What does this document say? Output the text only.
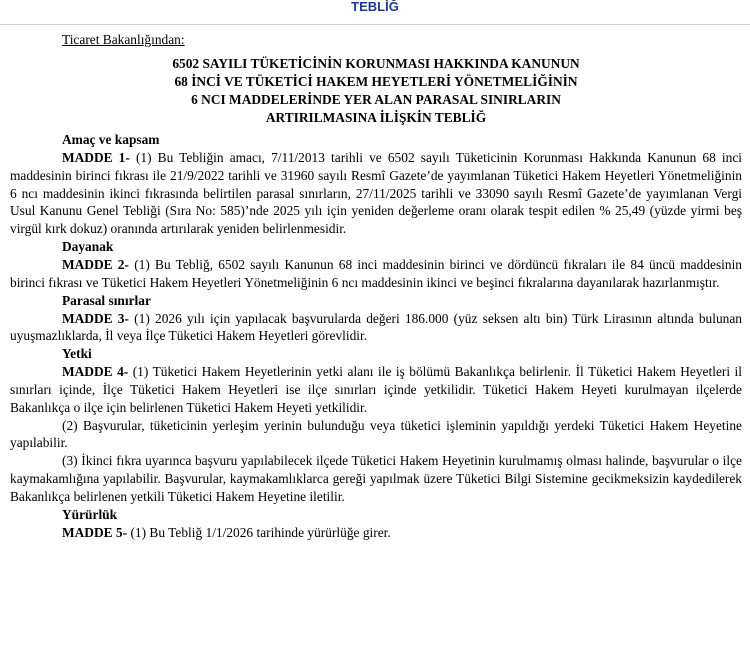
TEBLİĞ
Ticaret Bakanlığından:
6502 SAYILI TÜKETİCİNİN KORUNMASI HAKKINDA KANUNUN
68 İNCİ VE TÜKETİCİ HAKEM HEYETLERİ YÖNETMELİĞİNİN
6 NCI MADDELERİNDE YER ALAN PARASAL SINIRLARIN
ARTIRILMASINA İLİŞKİN TEBLİĞ
Amaç ve kapsam

MADDE 1- (1) Bu Tebliğin amacı, 7/11/2013 tarihli ve 6502 sayılı Tüketicinin Korunması Hakkında Kanunun 68 inci maddesinin birinci fıkrası ile 21/9/2022 tarihli ve 31960 sayılı Resmî Gazete’de yayımlanan Tüketici Hakem Heyetleri Yönetmeliğinin 6 ncı maddesinin ikinci fıkrasında belirtilen parasal sınırların, 27/11/2025 tarihli ve 33090 sayılı Resmî Gazete’de yayımlanan Vergi Usul Kanunu Genel Tebliği (Sıra No: 585)’nde 2025 yılı için yeniden değerleme oranı olarak tespit edilen % 25,49 (yüzde yirmi beş virgül kırk dokuz) oranında artırılarak yeniden belirlenmesidir.

Dayanak

MADDE 2- (1) Bu Tebliğ, 6502 sayılı Kanunun 68 inci maddesinin birinci ve dördüncü fıkraları ile 84 üncü maddesinin birinci fıkrası ve Tüketici Hakem Heyetleri Yönetmeliğinin 6 ncı maddesinin ikinci ve beşinci fıkralarına dayanılarak hazırlanmıştır.

Parasal sınırlar

MADDE 3- (1) 2026 yılı için yapılacak başvurularda değeri 186.000 (yüz seksen altı bin) Türk Lirasının altında bulunan uyuşmazlıklarda, İl veya İlçe Tüketici Hakem Heyetleri görevlidir.

Yetki

MADDE 4- (1) Tüketici Hakem Heyetlerinin yetki alanı ile iş bölümü Bakanlıkça belirlenir. İl Tüketici Hakem Heyetleri il sınırları içinde, İlçe Tüketici Hakem Heyetleri ise ilçe sınırları içinde yetkilidir. Tüketici Hakem Heyeti kurulmayan ilçelerde Bakanlıkça o ilçe için belirlenen Tüketici Hakem Heyeti yetkilidir.

(2) Başvurular, tüketicinin yerleşim yerinin bulunduğu veya tüketici işleminin yapıldığı yerdeki Tüketici Hakem Heyetine yapılabilir.

(3) İkinci fıkra uyarınca başvuru yapılabilecek ilçede Tüketici Hakem Heyetinin kurulmamış olması halinde, başvurular o ilçe kaymakamlığına yapılabilir. Başvurular, kaymakamlıklarca gereği yapılmak üzere Tüketici Bilgi Sistemine gecikmeksizin kaydedilerek Bakanlıkça belirlenen yetkili Tüketici Hakem Heyetine iletilir.

Yürürlük

MADDE 5- (1) Bu Tebliğ 1/1/2026 tarihinde yürürlüğe girer.
